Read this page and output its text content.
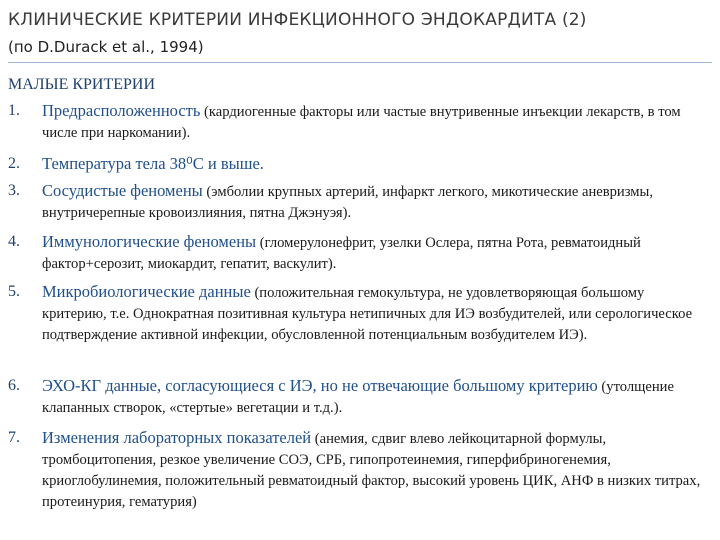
КЛИНИЧЕСКИЕ КРИТЕРИИ ИНФЕКЦИОННОГО ЭНДОКАРДИТА (2)
(по D.Durack et al., 1994)
МАЛЫЕ КРИТЕРИИ
1. Предрасположенность (кардиогенные факторы или частые внутривенные инъекции лекарств, в том числе при наркомании).
2. Температура тела 38⁰С и выше.
3. Сосудистые феномены (эмболии крупных артерий, инфаркт легкого, микотические аневризмы, внутричерепные кровоизлияния, пятна Джэнуэя).
4. Иммунологические феномены (гломерулонефрит, узелки Ослера, пятна Рота, ревматоидный фактор+серозит, миокардит, гепатит, васкулит).
5. Микробиологические данные (положительная гемокультура, не удовлетворяющая большому критерию, т.е. Однократная позитивная культура нетипичных для ИЭ возбудителей, или серологическое подтверждение активной инфекции, обусловленной потенциальным возбудителем ИЭ).
6. ЭХО-КГ данные, согласующиеся с ИЭ, но не отвечающие большому критерию (утолщение клапанных створок, «стертые» вегетации и т.д.).
7. Изменения лабораторных показателей (анемия, сдвиг влево лейкоцитарной формулы, тромбоцитопения, резкое увеличение СОЭ, СРБ, гипопротеинемия, гиперфибриногенемия, криоглобулинемия, положительный ревматоидный фактор, высокий уровень ЦИК, АНФ в низких титрах, протеинурия, гематурия)
